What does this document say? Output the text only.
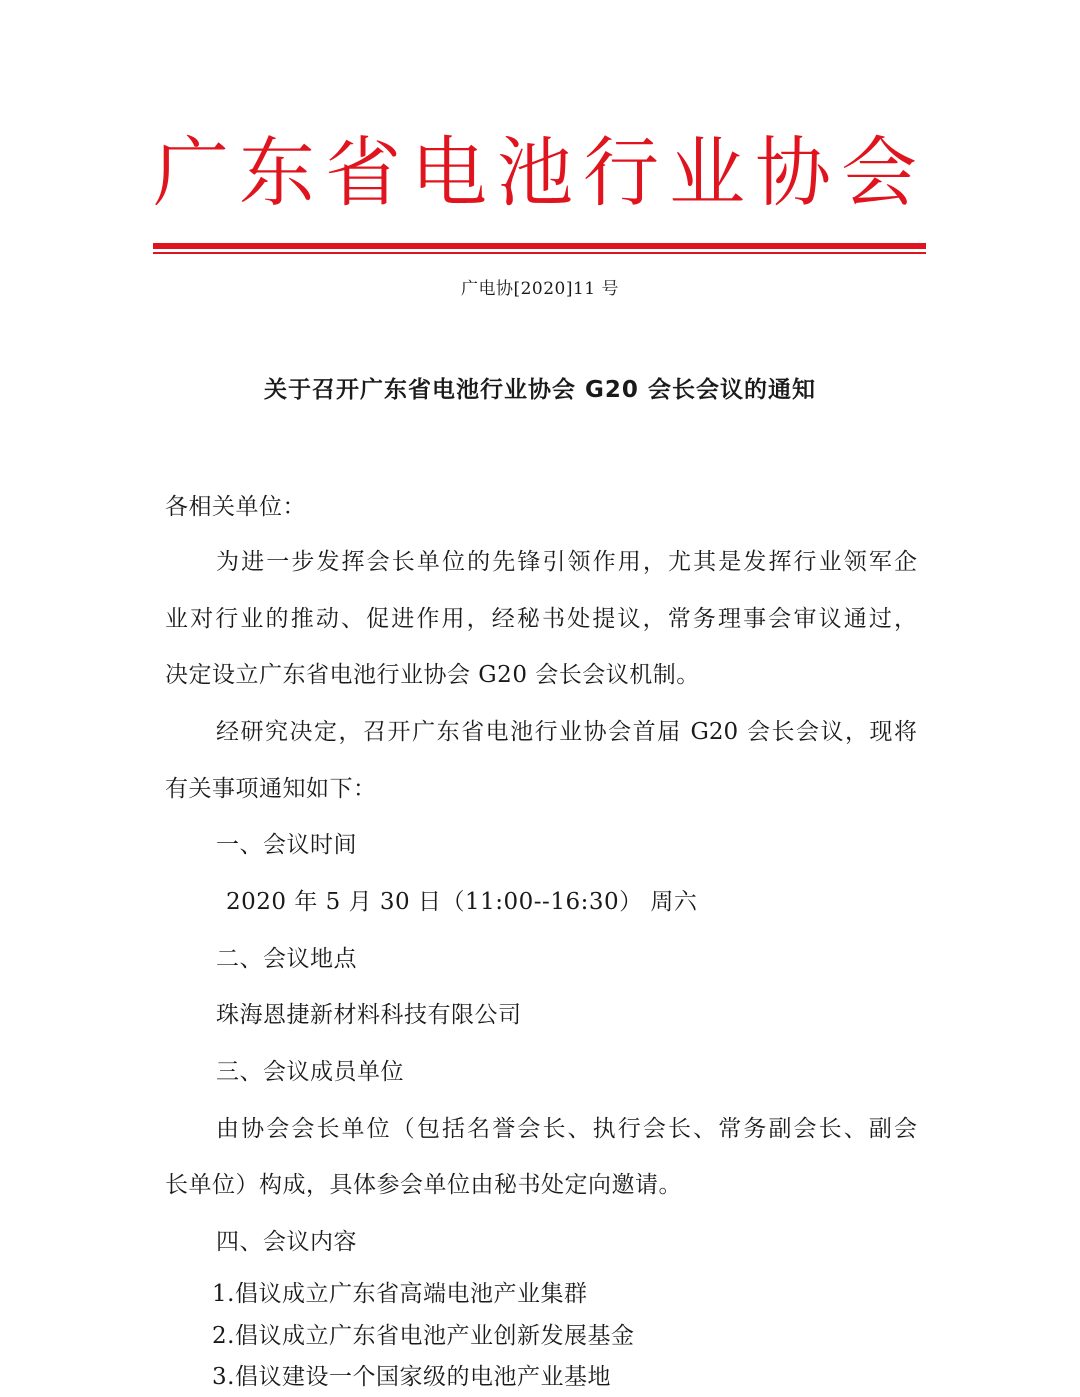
广东省电池行业协会
广电协[2020]11 号
关于召开广东省电池行业协会 G20 会长会议的通知
各相关单位：
为进一步发挥会长单位的先锋引领作用，尤其是发挥行业领军企
业对行业的推动、促进作用，经秘书处提议，常务理事会审议通过，
决定设立广东省电池行业协会 G20 会长会议机制。
经研究决定，召开广东省电池行业协会首届 G20 会长会议，现将
有关事项通知如下：
一、会议时间
2020 年 5 月 30 日（11:00--16:30） 周六
二、会议地点
珠海恩捷新材料科技有限公司
三、会议成员单位
由协会会长单位（包括名誉会长、执行会长、常务副会长、副会
长单位）构成，具体参会单位由秘书处定向邀请。
四、会议内容
1.倡议成立广东省高端电池产业集群
2.倡议成立广东省电池产业创新发展基金
3.倡议建设一个国家级的电池产业基地
